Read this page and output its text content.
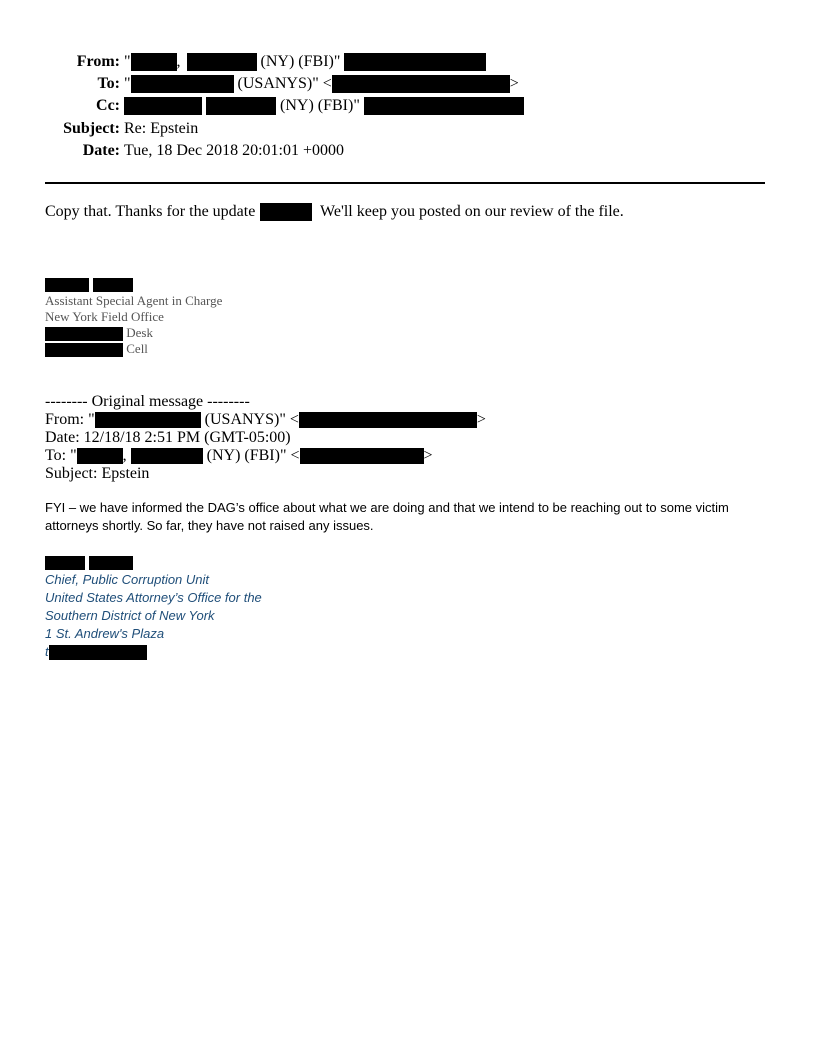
From: "	,	(NY) (FBI)"
To: "	(USANYS)" <	>
Cc:	(NY) (FBI)"
Subject: Re: Epstein
Date: Tue, 18 Dec 2018 20:01:01 +0000
Copy that. Thanks for the update	We'll keep you posted on our review of the file.
Assistant Special Agent in Charge
New York Field Office
Desk
Cell
-------- Original message --------
From: "	(USANYS)" <	>
Date: 12/18/18 2:51 PM (GMT-05:00)
To: "	,	(NY) (FBI)" <	>
Subject: Epstein
FYI – we have informed the DAG’s office about what we are doing and that we intend to be reaching out to some victim
attorneys shortly. So far, they have not raised any issues.
Chief, Public Corruption Unit
United States Attorney’s Office for the
Southern District of New York
1 St. Andrew's Plaza
t
